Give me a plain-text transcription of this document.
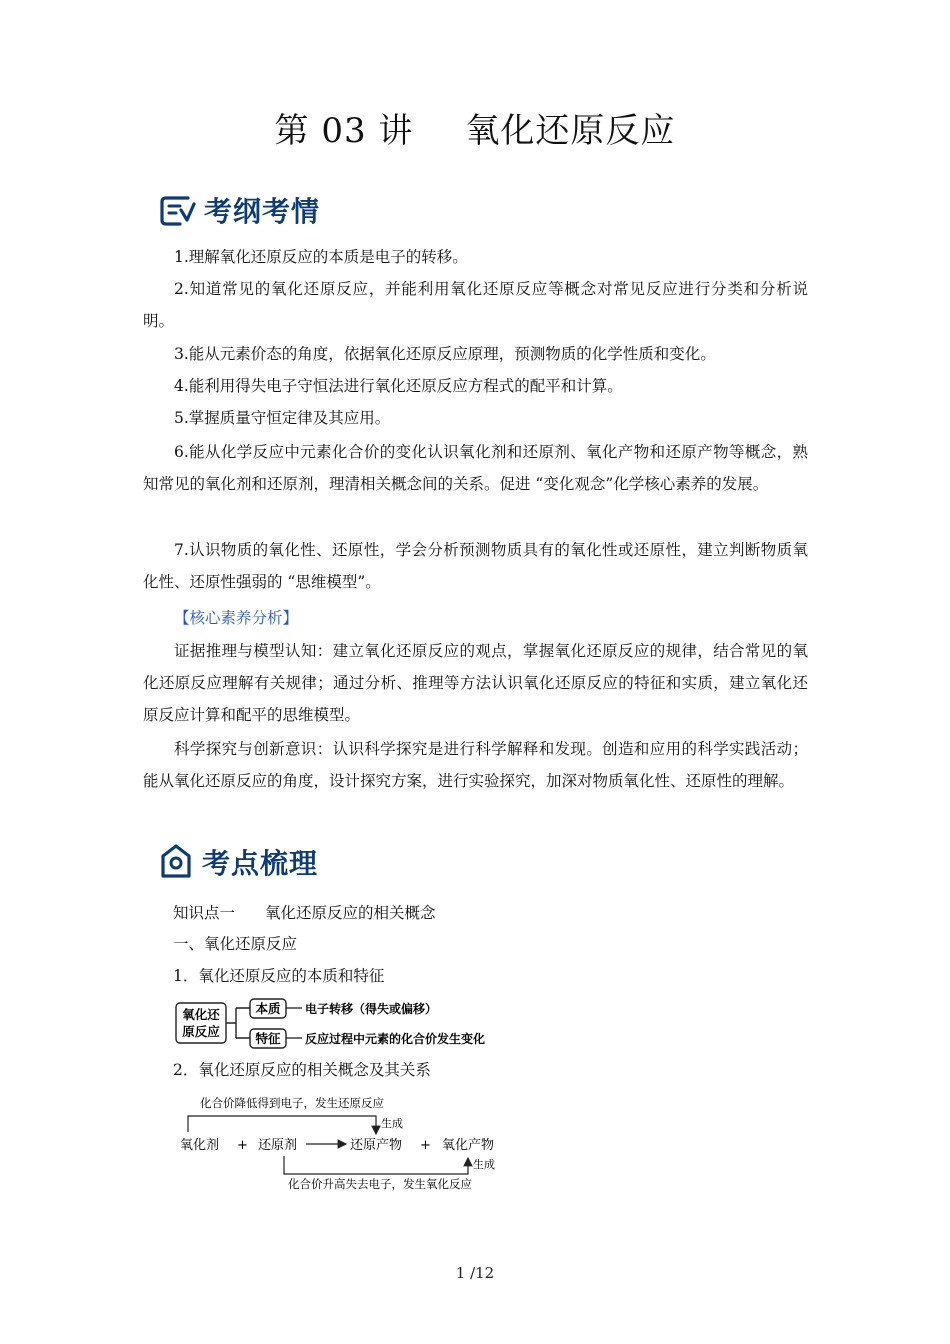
第 03 讲 氧化还原反应
考纲考情

1.理解氧化还原反应的本质是电子的转移。

2.知道常见的氧化还原反应，并能利用氧化还原反应等概念对常见反应进行分类和分析说明。

3.能从元素价态的角度，依据氧化还原反应原理，预测物质的化学性质和变化。

4.能利用得失电子守恒法进行氧化还原反应方程式的配平和计算。

5.掌握质量守恒定律及其应用。

6.能从化学反应中元素化合价的变化认识氧化剂和还原剂、氧化产物和还原产物等概念，熟知常见的氧化剂和还原剂，理清相关概念间的关系。促进 “变化观念”化学核心素养的发展。

7.认识物质的氧化性、还原性，学会分析预测物质具有的氧化性或还原性，建立判断物质氧化性、还原性强弱的 “思维模型”。

【核心素养分析】

证据推理与模型认知：建立氧化还原反应的观点，掌握氧化还原反应的规律，结合常见的氧化还原反应理解有关规律；通过分析、推理等方法认识氧化还原反应的特征和实质，建立氧化还原反应计算和配平的思维模型。

科学探究与创新意识：认识科学探究是进行科学解释和发现。创造和应用的科学实践活动；能从氧化还原反应的角度，设计探究方案，进行实验探究，加深对物质氧化性、还原性的理解。

考点梳理
知识点一 氧化还原反应的相关概念
一、氧化还原反应
1．氧化还原反应的本质和特征
氧化还
原反应
本质 电子转移（得失或偏移）
特征 反应过程中元素的化合价发生变化
2．氧化还原反应的相关概念及其关系
化合价降低得到电子，发生还原反应
生成
氧化剂 + 还原剂	还原产物 + 氧化产物
生成
化合价升高失去电子，发生氧化反应
1 /12
